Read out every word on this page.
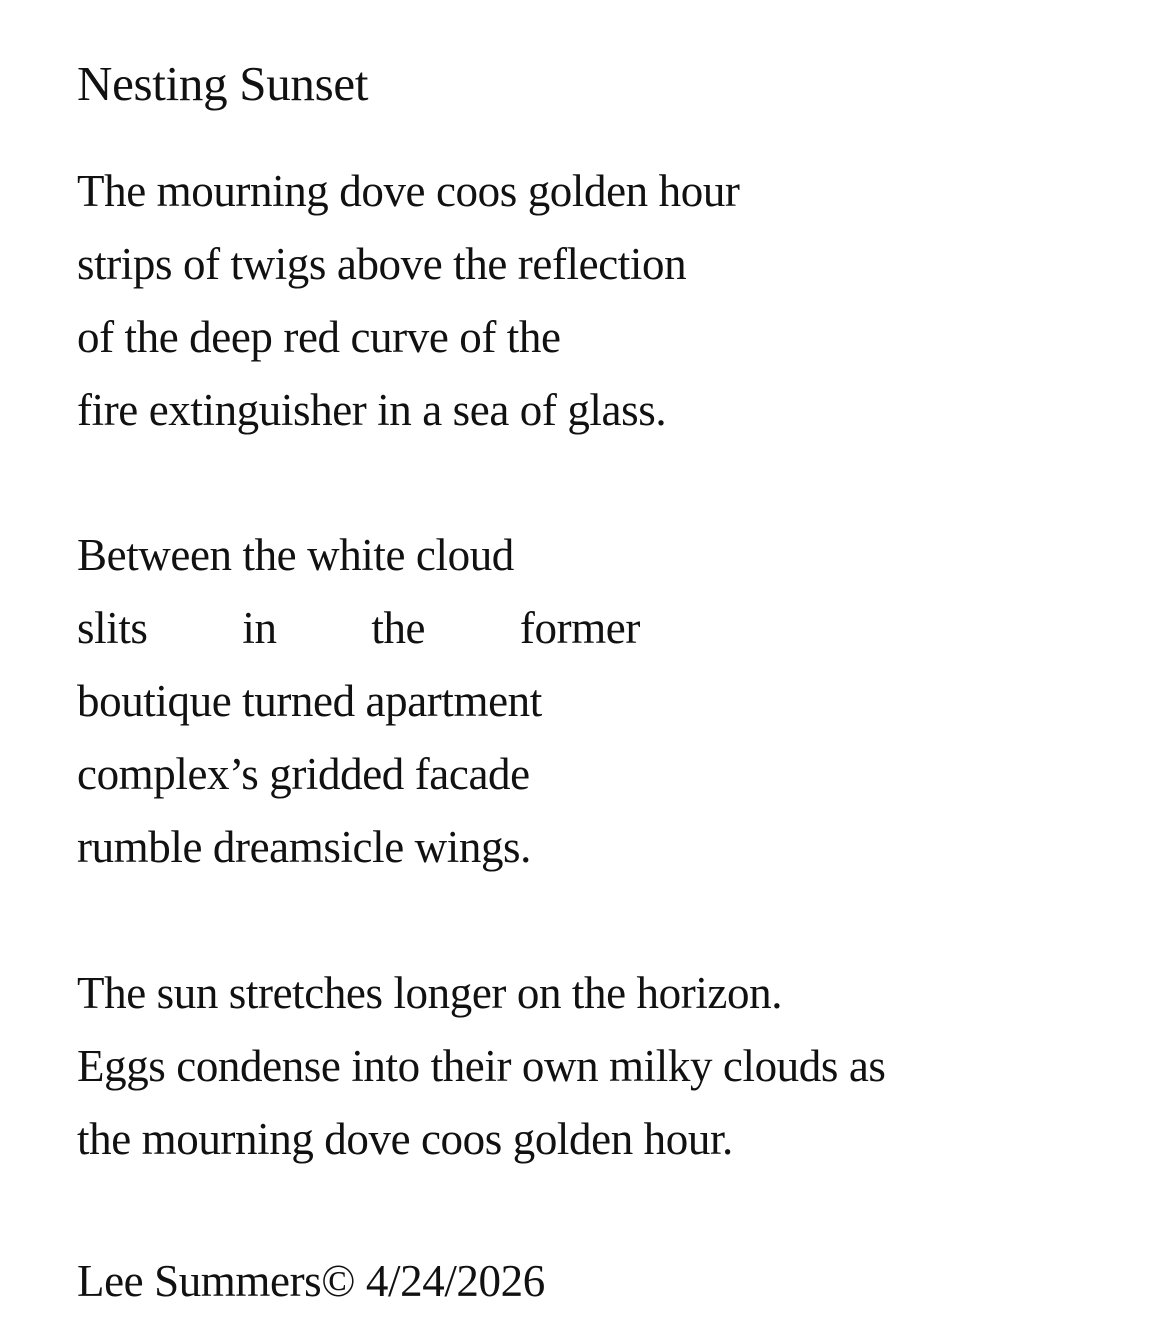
Nesting Sunset
The mourning dove coos golden hour
strips of twigs above the reflection
of the deep red curve of the
fire extinguisher in a sea of glass.
Between the white cloud
slits in the former
boutique turned apartment
complex’s gridded facade
rumble dreamsicle wings.
The sun stretches longer on the horizon.
Eggs condense into their own milky clouds as
the mourning dove coos golden hour.
Lee Summers© 4/24/2026
